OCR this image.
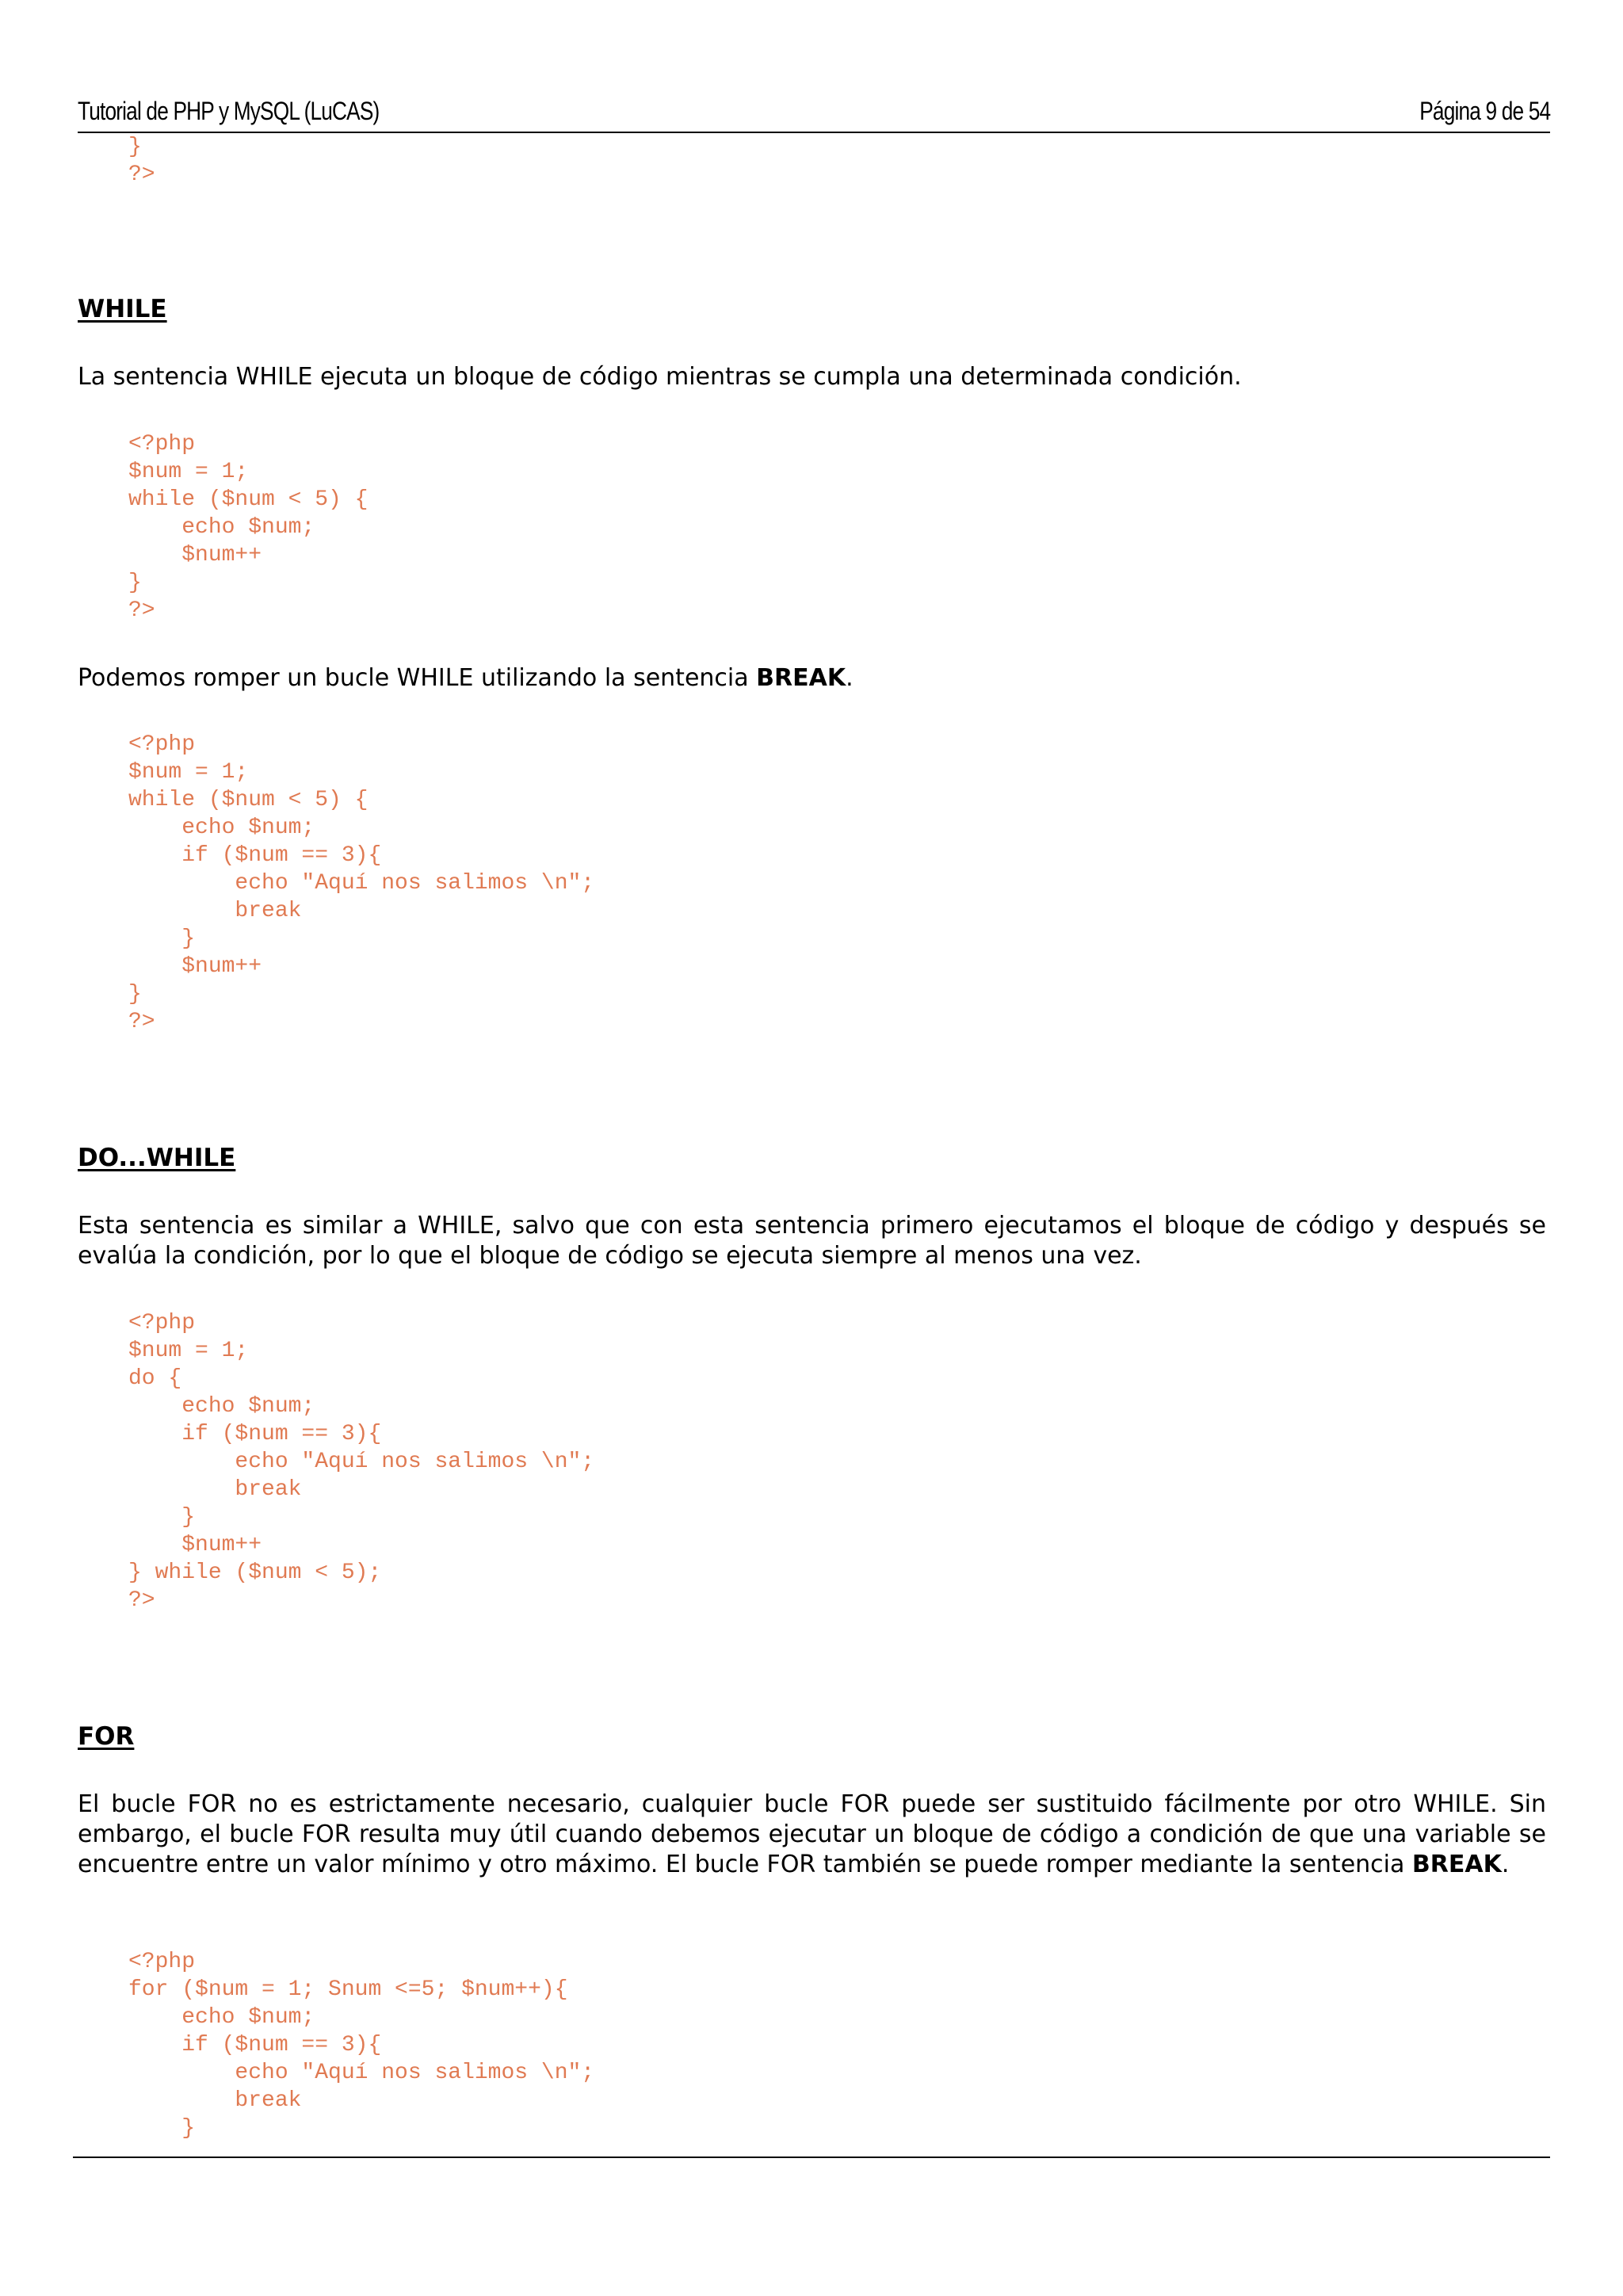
Tutorial de PHP y MySQL (LuCAS)	Página 9 de 54
}
?>
WHILE
La sentencia WHILE ejecuta un bloque de código mientras se cumpla una determinada condición.
<?php
$num = 1;
while ($num < 5) {
echo $num;
$num++
}
?>
Podemos romper un bucle WHILE utilizando la sentencia BREAK.
<?php
$num = 1;
while ($num < 5) {
echo $num;
if ($num == 3){
echo "Aquí nos salimos \n";
break
}
$num++
}
?>
DO...WHILE
Esta sentencia es similar a WHILE, salvo que con esta sentencia primero ejecutamos el bloque de código y después se evalúa la condición, por lo que el bloque de código se ejecuta siempre al menos una vez.
<?php
$num = 1;
do {
echo $num;
if ($num == 3){
echo "Aquí nos salimos \n";
break
}
$num++
} while ($num < 5);
?>
FOR
El bucle FOR no es estrictamente necesario, cualquier bucle FOR puede ser sustituido fácilmente por otro WHILE. Sin embargo, el bucle FOR resulta muy útil cuando debemos ejecutar un bloque de código a condición de que una variable se encuentre entre un valor mínimo y otro máximo. El bucle FOR también se puede romper mediante la sentencia BREAK.
<?php
for ($num = 1; Snum <=5; $num++){
echo $num;
if ($num == 3){
echo "Aquí nos salimos \n";
break
}
